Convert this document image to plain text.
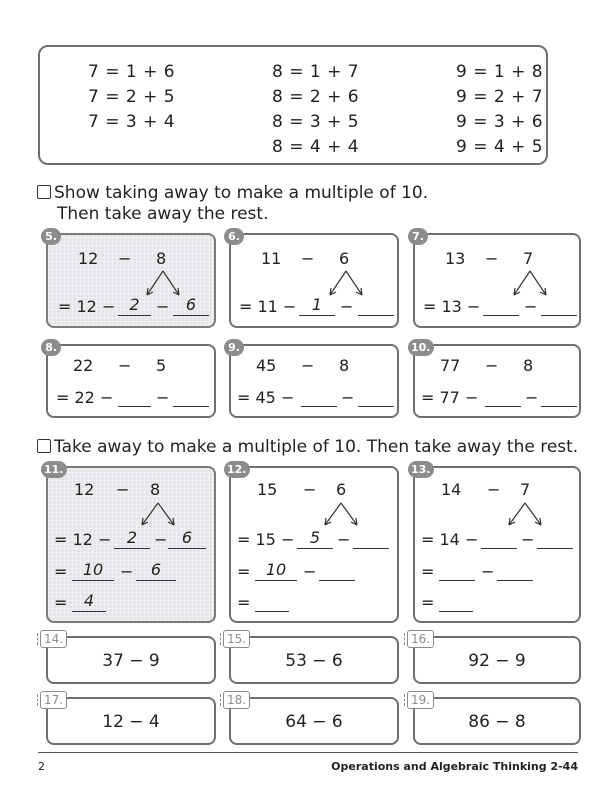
7 = 1 + 6
7 = 2 + 5
7 = 3 + 4
8 = 1 + 7
8 = 2 + 6
8 = 3 + 5
8 = 4 + 4
9 = 1 + 8
9 = 2 + 7
9 = 3 + 6
9 = 4 + 5
Show taking away to make a multiple of 10.
Then take away the rest.
5.
12 − 8
= 12 − 2	−	6
6.
11 − 6
= 11 − 1	−
7.
13 − 7
= 13 −	−
8.
22 − 5
= 22 −	−
9.
45 − 8
= 45 −	−
10.
77 − 8
= 77 −	−
Take away to make a multiple of 10. Then take away the rest.
11.
12 − 8
= 12 − 2	− 6
= 10	−	6
=	4
12.
15 − 6
= 15 − 5	−
= 10	−
=
13.
14 − 7
= 14 −	−
=	−
=
14.
37 − 9
15.
53 − 6
16.
92 − 9
17.
12 − 4
18.
64 − 6
19.
86 − 8
2	Operations and Algebraic Thinking 2-44
